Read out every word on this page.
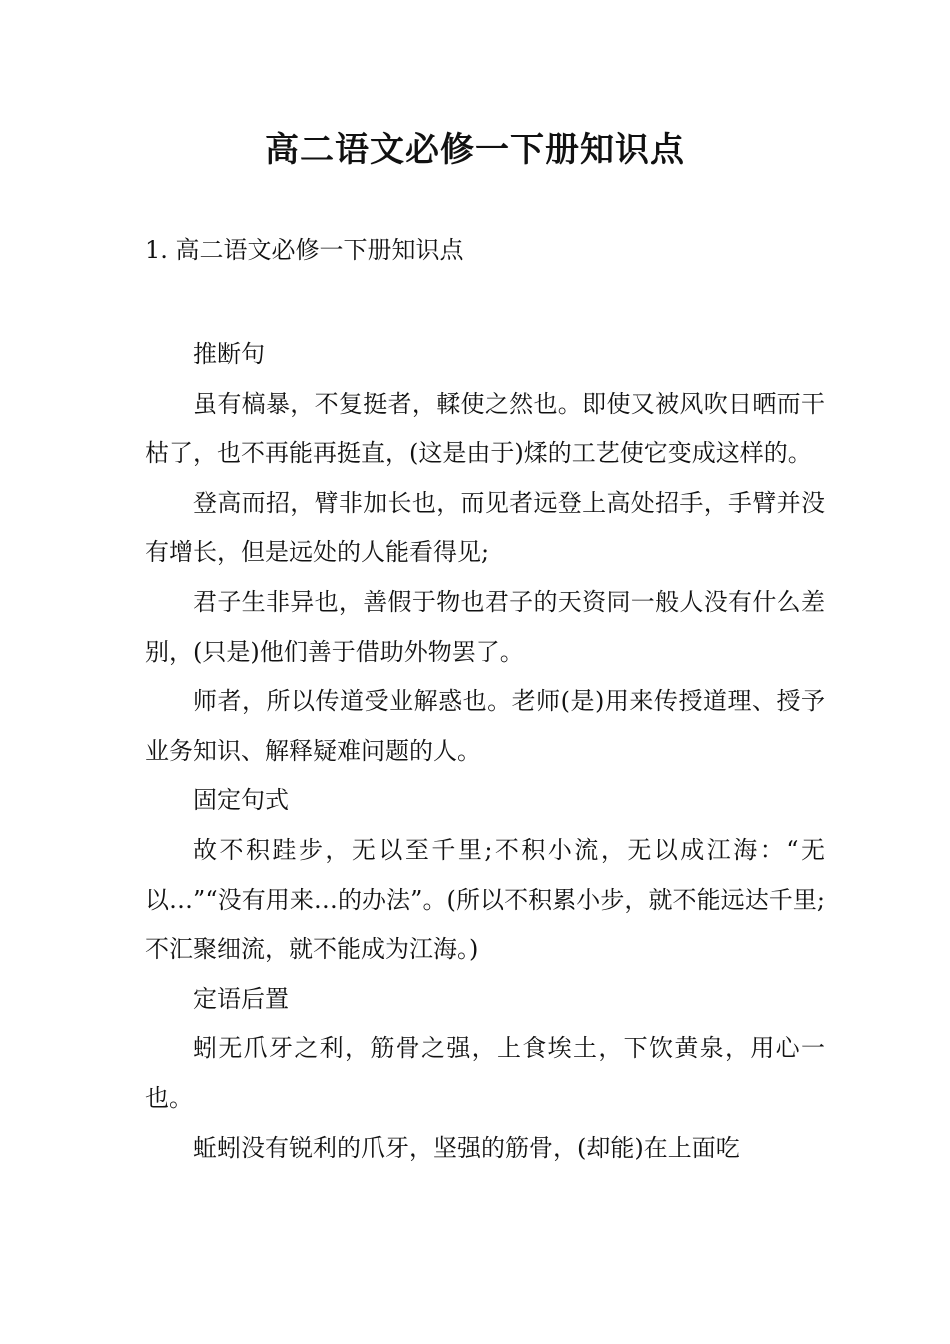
高二语文必修一下册知识点
1. 高二语文必修一下册知识点

推断句

虽有槁暴，不复挺者，輮使之然也。即使又被风吹日晒而干枯了，也不再能再挺直，(这是由于)煣的工艺使它变成这样的。

登高而招，臂非加长也，而见者远登上高处招手，手臂并没有增长，但是远处的人能看得见;

君子生非异也，善假于物也君子的天资同一般人没有什么差别，(只是)他们善于借助外物罢了。

师者，所以传道受业解惑也。老师(是)用来传授道理、授予业务知识、解释疑难问题的人。

固定句式

故不积跬步，无以至千里;不积小流，无以成江海：“无以…”“没有用来…的办法”。(所以不积累小步，就不能远达千里;不汇聚细流，就不能成为江海。)

定语后置

蚓无爪牙之利，筋骨之强，上食埃土，下饮黄泉，用心一也。

蚯蚓没有锐利的爪牙，坚强的筋骨，(却能)在上面吃
